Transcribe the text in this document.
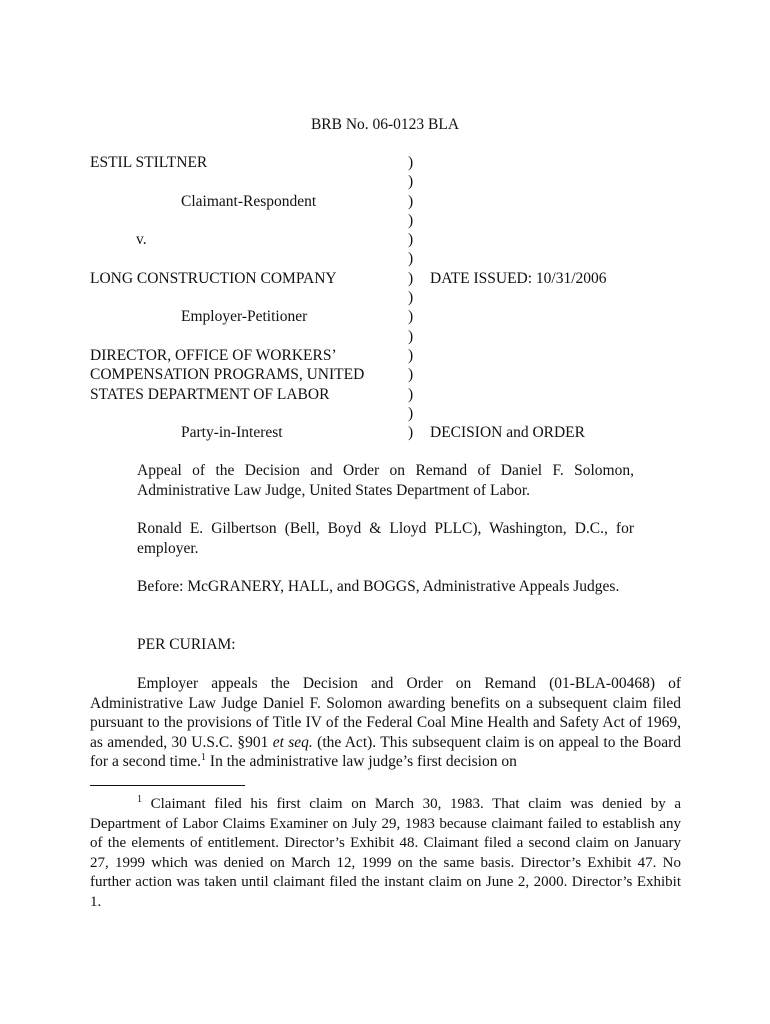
BRB No. 06-0123 BLA
ESTIL STILTNER	)
)
Claimant-Respondent	)
)
v.	)
)
LONG CONSTRUCTION COMPANY	) DATE ISSUED: 10/31/2006
)
Employer-Petitioner	)
)
DIRECTOR, OFFICE OF WORKERS’	)
COMPENSATION PROGRAMS, UNITED	)
STATES DEPARTMENT OF LABOR	)
)
Party-in-Interest	) DECISION and ORDER
Appeal of the Decision and Order on Remand of Daniel F. Solomon, Administrative Law Judge, United States Department of Labor.
Ronald E. Gilbertson (Bell, Boyd & Lloyd PLLC), Washington, D.C., for employer.
Before: McGRANERY, HALL, and BOGGS, Administrative Appeals Judges.
PER CURIAM:
Employer appeals the Decision and Order on Remand (01-BLA-00468) of Administrative Law Judge Daniel F. Solomon awarding benefits on a subsequent claim filed pursuant to the provisions of Title IV of the Federal Coal Mine Health and Safety Act of 1969, as amended, 30 U.S.C. §901 et seq. (the Act). This subsequent claim is on appeal to the Board for a second time.$^1$ In the administrative law judge’s first decision on
$^1$ Claimant filed his first claim on March 30, 1983. That claim was denied by a Department of Labor Claims Examiner on July 29, 1983 because claimant failed to establish any of the elements of entitlement. Director’s Exhibit 48. Claimant filed a second claim on January 27, 1999 which was denied on March 12, 1999 on the same basis. Director’s Exhibit 47. No further action was taken until claimant filed the instant claim on June 2, 2000. Director’s Exhibit 1.
